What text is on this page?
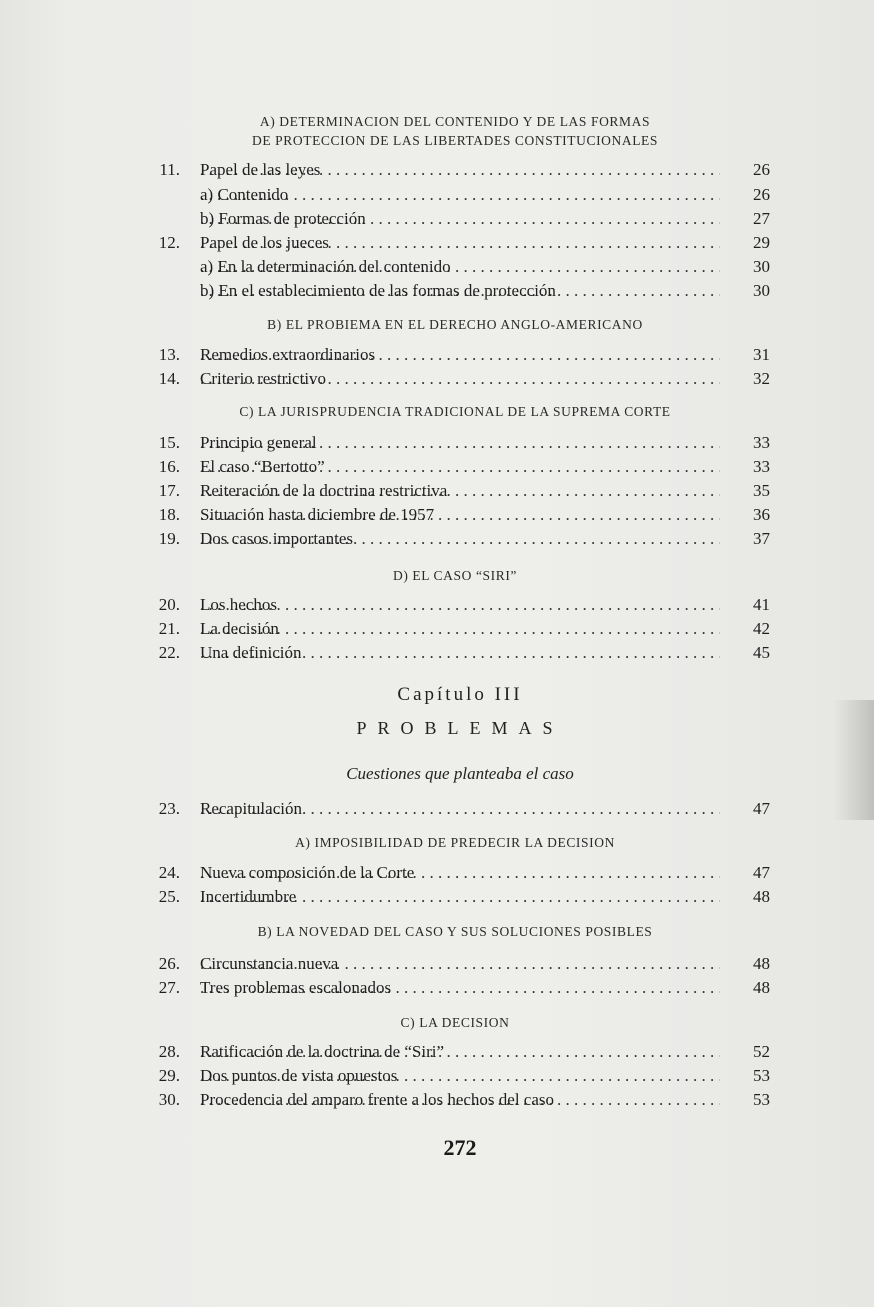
A) DETERMINACION DEL CONTENIDO Y DE LAS FORMAS
DE PROTECCION DE LAS LIBERTADES CONSTITUCIONALES
11. Papel de las leyes . . .	26
a) Contenido . . .	26
b) Formas de protección . . .	27
12. Papel de los jueces . . .	29
a) En la determinación del contenido . . .	30
b) En el establecimiento de las formas de protección . . .	30
B) EL PROBIEMA EN EL DERECHO ANGLO-AMERICANO
13. Remedios extraordinarios . . .	31
14. Criterio restrictivo . . .	32
C) LA JURISPRUDENCIA TRADICIONAL DE LA SUPREMA CORTE
15. Principio general . . .	33
16. El caso “Bertotto” . . .	33
17. Reiteración de la doctrina restrictiva . . .	35
18. Situación hasta diciembre de 1957 . . .	36
19. Dos casos importantes . . .	37
D) EL CASO “SIRI”
20. Los hechos . . .	41
21. La decisión . . .	42
22. Una definición . . .	45
Capítulo III
PROBLEMAS
Cuestiones que planteaba el caso
23. Recapitulación . . .	47
A) IMPOSIBILIDAD DE PREDECIR LA DECISION
24. Nueva composición de la Corte . . .	47
25. Incertidumbre . . .	48
B) LA NOVEDAD DEL CASO Y SUS SOLUCIONES POSIBLES
26. Circunstancia nueva . . .	48
27. Tres problemas escalonados . . .	48
C) LA DECISION
28. Ratificación de la doctrina de “Siri” . . .	52
29. Dos puntos de vista opuestos . . .	53
30. Procedencia del amparo frente a los hechos del caso . . .	53
272
